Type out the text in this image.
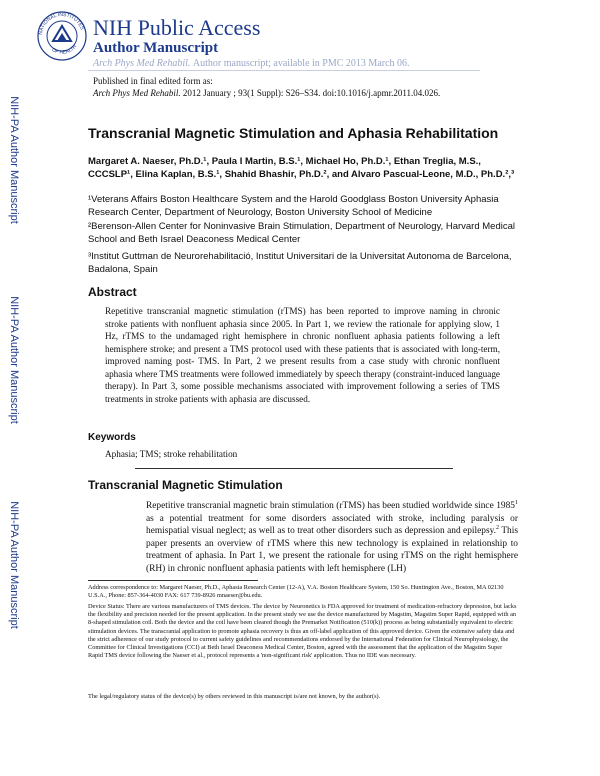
NATIONAL INSTITUTES
OF HEALTH
NIH Public Access
Author Manuscript
Arch Phys Med Rehabil. Author manuscript; available in PMC 2013 March 06.
Published in final edited form as:
Arch Phys Med Rehabil. 2012 January ; 93(1 Suppl): S26–S34. doi:10.1016/j.apmr.2011.04.026.
NIH-PA Author Manuscript
NIH-PA Author Manuscript
NIH-PA Author Manuscript
Transcranial Magnetic Stimulation and Aphasia Rehabilitation
Margaret A. Naeser, Ph.D.¹, Paula I Martin, B.S.¹, Michael Ho, Ph.D.¹, Ethan Treglia, M.S., CCCSLP¹, Elina Kaplan, B.S.¹, Shahid Bhashir, Ph.D.², and Alvaro Pascual-Leone, M.D., Ph.D.²,³
¹Veterans Affairs Boston Healthcare System and the Harold Goodglass Boston University Aphasia Research Center, Department of Neurology, Boston University School of Medicine
²Berenson-Allen Center for Noninvasive Brain Stimulation, Department of Neurology, Harvard Medical School and Beth Israel Deaconess Medical Center
³Institut Guttman de Neurorehabilitació, Institut Universitari de la Universitat Autonoma de Barcelona, Badalona, Spain
Abstract
Repetitive transcranial magnetic stimulation (rTMS) has been reported to improve naming in chronic stroke patients with nonfluent aphasia since 2005. In Part 1, we review the rationale for applying slow, 1 Hz, rTMS to the undamaged right hemisphere in chronic nonfluent aphasia patients following a left hemisphere stroke; and present a TMS protocol used with these patients that is associated with long-term, improved naming post- TMS. In Part, 2 we present results from a case study with chronic nonfluent aphasia where TMS treatments were followed immediately by speech therapy (constraint-induced language therapy). In Part 3, some possible mechanisms associated with improvement following a series of TMS treatments in stroke patients with aphasia are discussed.
Keywords
Aphasia; TMS; stroke rehabilitation
Transcranial Magnetic Stimulation
Repetitive transcranial magnetic brain stimulation (rTMS) has been studied worldwide since 1985$^1$ as a potential treatment for some disorders associated with stroke, including paralysis or hemispatial visual neglect; as well as to treat other disorders such as depression and epilepsy.$^2$ This paper presents an overview of rTMS where this new technology is explained in relationship to treatment of aphasia. In Part 1, we present the rationale for using rTMS on the right hemisphere (RH) in chronic nonfluent aphasia patients with left hemisphere (LH)
Address correspondence to: Margaret Naeser, Ph.D., Aphasia Research Center (12-A), V.A. Boston Healthcare System, 150 So. Huntington Ave., Boston, MA 02130 U.S.A., Phone: 857-364-4030 FAX: 617 739-8926 mnaeser@bu.edu.
Device Status: There are various manufacturers of TMS devices. The device by Neuronetics is FDA approved for treatment of medication-refractory depression, but lacks the flexibility and precision needed for the present application. In the present study we use the device manufactured by Magstim, Magstim Super Rapid, equipped with an 8-shaped stimulation coil. Both the device and the coil have been cleared though the Premarket Notification (510(k)) process as being substantially equivalent to electric stimulation devices. The transcranial application to promote aphasia recovery is thus an off-label application of this approved device. Given the extensive safety data and the strict adherence of our study protocol to current safety guidelines and recommendations endorsed by the International Federation for Clinical Neurophysiology, the Committee for Clinical Investigations (CCI) at Beth Israel Deaconess Medical Center, Boston, agreed with the assessment that the application of the Magstim Super Rapid TMS device following the Naeser et al., protocol represents a 'non-significant risk' application. Thus no IDE was necessary.
The legal/regulatory status of the device(s) by others reviewed in this manuscript is/are not known, by the author(s).
